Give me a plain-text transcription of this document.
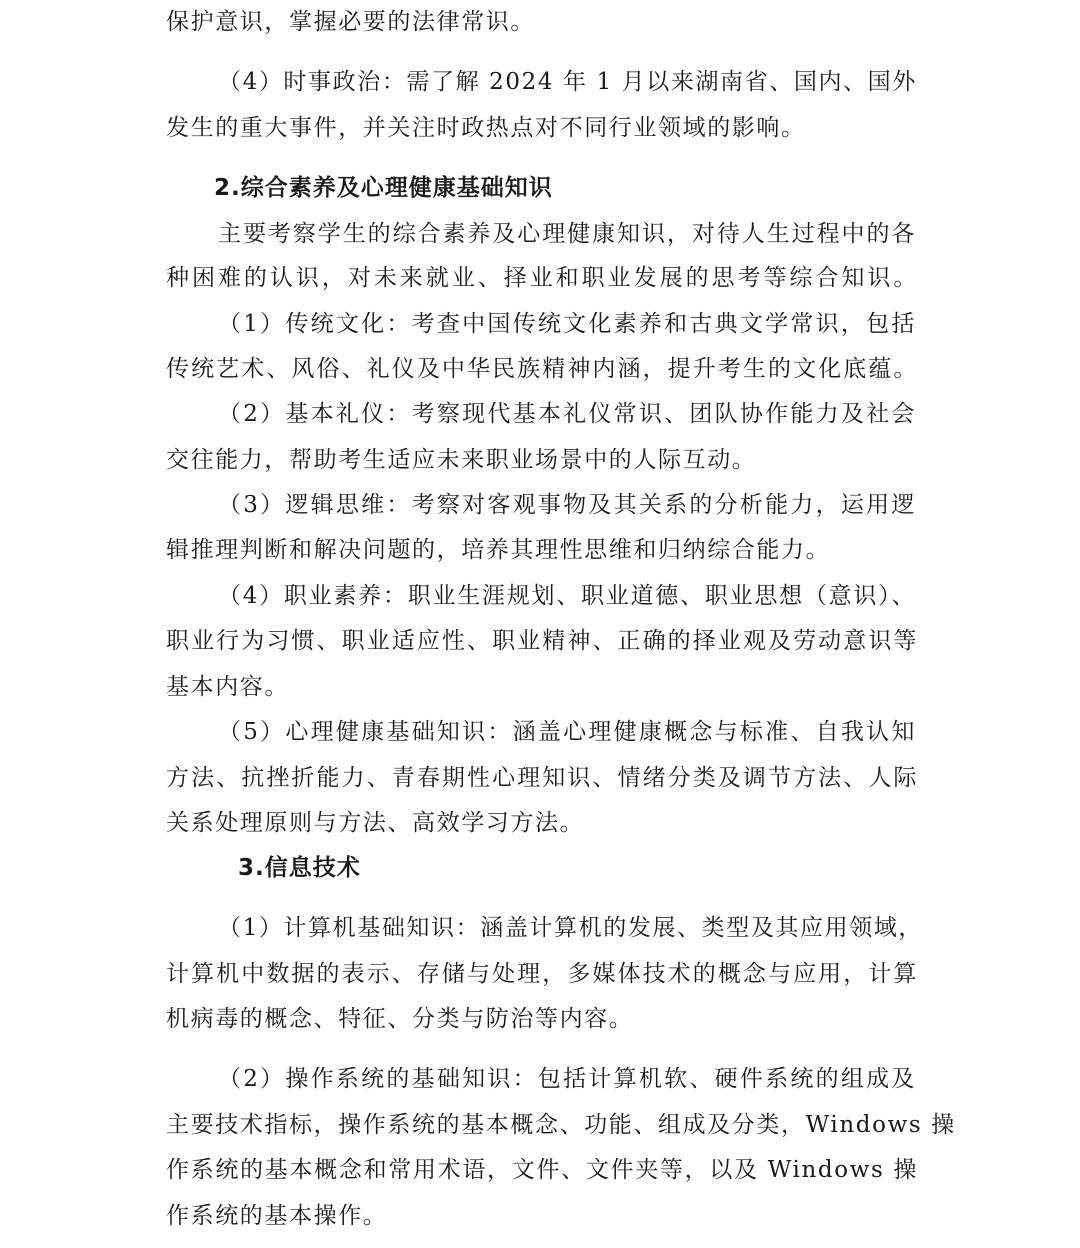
保护意识，掌握必要的法律常识。
（4）时事政治：需了解 2024 年 1 月以来湖南省、国内、国外
发生的重大事件，并关注时政热点对不同行业领域的影响。
2.综合素养及心理健康基础知识
主要考察学生的综合素养及心理健康知识，对待人生过程中的各
种困难的认识，对未来就业、择业和职业发展的思考等综合知识。
（1）传统文化：考查中国传统文化素养和古典文学常识，包括
传统艺术、风俗、礼仪及中华民族精神内涵，提升考生的文化底蕴。
（2）基本礼仪：考察现代基本礼仪常识、团队协作能力及社会
交往能力，帮助考生适应未来职业场景中的人际互动。
（3）逻辑思维：考察对客观事物及其关系的分析能力，运用逻
辑推理判断和解决问题的，培养其理性思维和归纳综合能力。
（4）职业素养：职业生涯规划、职业道德、职业思想（意识）、
职业行为习惯、职业适应性、职业精神、正确的择业观及劳动意识等
基本内容。
（5）心理健康基础知识：涵盖心理健康概念与标准、自我认知
方法、抗挫折能力、青春期性心理知识、情绪分类及调节方法、人际
关系处理原则与方法、高效学习方法。
3.信息技术
（1）计算机基础知识：涵盖计算机的发展、类型及其应用领域，
计算机中数据的表示、存储与处理，多媒体技术的概念与应用，计算
机病毒的概念、特征、分类与防治等内容。
（2）操作系统的基础知识：包括计算机软、硬件系统的组成及
主要技术指标，操作系统的基本概念、功能、组成及分类，Windows 操
作系统的基本概念和常用术语，文件、文件夹等，以及 Windows 操
作系统的基本操作。
